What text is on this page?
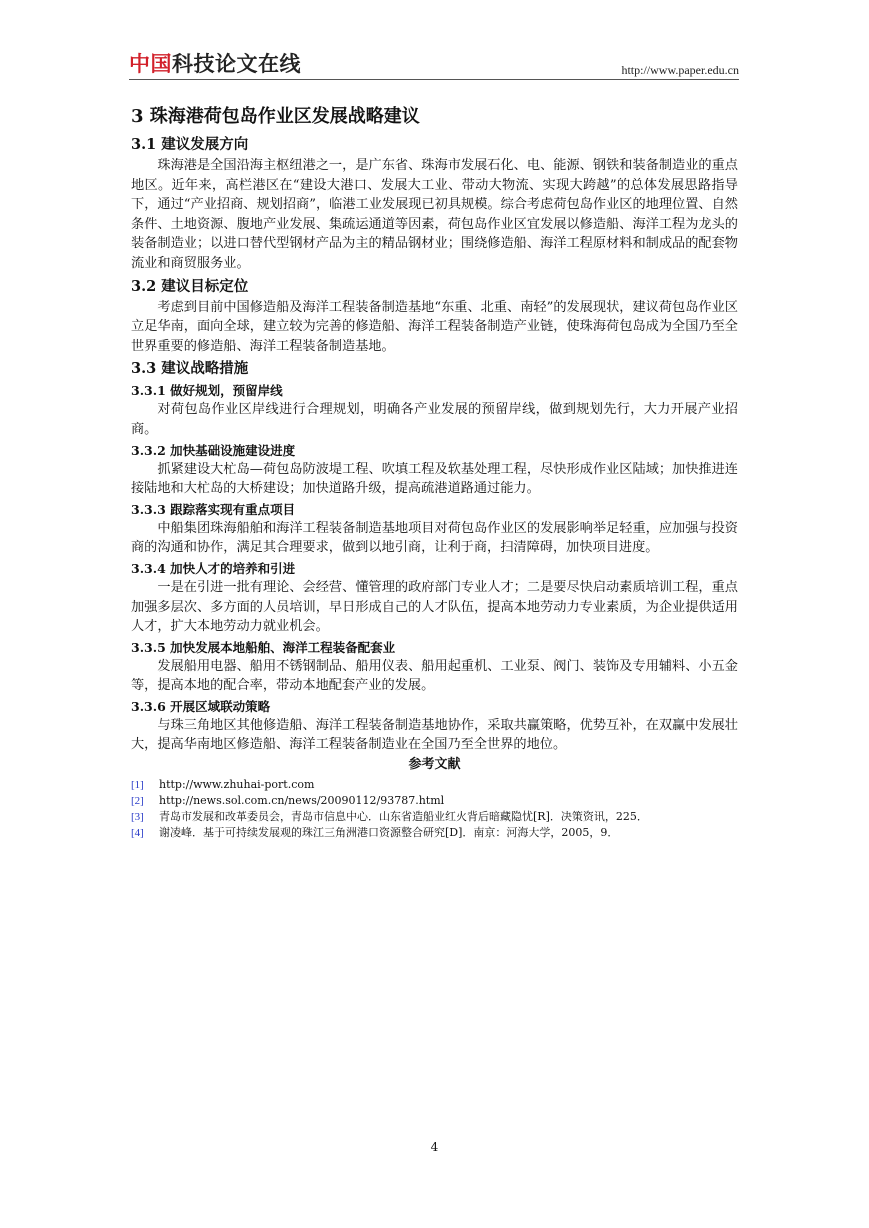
中国科技论文在线	http://www.paper.edu.cn
3 珠海港荷包岛作业区发展战略建议
3.1 建议发展方向

珠海港是全国沿海主枢纽港之一，是广东省、珠海市发展石化、电、能源、钢铁和装备制造业的重点地区。近年来，高栏港区在“建设大港口、发展大工业、带动大物流、实现大跨越”的总体发展思路指导下，通过“产业招商、规划招商”，临港工业发展现已初具规模。综合考虑荷包岛作业区的地理位置、自然条件、土地资源、腹地产业发展、集疏运通道等因素，荷包岛作业区宜发展以修造船、海洋工程为龙头的装备制造业；以进口替代型钢材产品为主的精品钢材业；围绕修造船、海洋工程原材料和制成品的配套物流业和商贸服务业。

3.2 建议目标定位

考虑到目前中国修造船及海洋工程装备制造基地“东重、北重、南轻”的发展现状，建议荷包岛作业区立足华南，面向全球，建立较为完善的修造船、海洋工程装备制造产业链，使珠海荷包岛成为全国乃至全世界重要的修造船、海洋工程装备制造基地。

3.3 建议战略措施
3.3.1 做好规划，预留岸线

对荷包岛作业区岸线进行合理规划，明确各产业发展的预留岸线，做到规划先行，大力开展产业招商。

3.3.2 加快基础设施建设进度

抓紧建设大杧岛—荷包岛防波堤工程、吹填工程及软基处理工程，尽快形成作业区陆域；加快推进连接陆地和大杧岛的大桥建设；加快道路升级，提高疏港道路通过能力。

3.3.3 跟踪落实现有重点项目

中船集团珠海船舶和海洋工程装备制造基地项目对荷包岛作业区的发展影响举足轻重，应加强与投资商的沟通和协作，满足其合理要求，做到以地引商，让利于商，扫清障碍，加快项目进度。

3.3.4 加快人才的培养和引进

一是在引进一批有理论、会经营、懂管理的政府部门专业人才；二是要尽快启动素质培训工程，重点加强多层次、多方面的人员培训，早日形成自己的人才队伍，提高本地劳动力专业素质，为企业提供适用人才，扩大本地劳动力就业机会。

3.3.5 加快发展本地船舶、海洋工程装备配套业

发展船用电器、船用不锈钢制品、船用仪表、船用起重机、工业泵、阀门、装饰及专用辅料、小五金等，提高本地的配合率，带动本地配套产业的发展。

3.3.6 开展区域联动策略

与珠三角地区其他修造船、海洋工程装备制造基地协作，采取共赢策略，优势互补，在双赢中发展壮大，提高华南地区修造船、海洋工程装备制造业在全国乃至全世界的地位。

参考文献
[1]	http://www.zhuhai-port.com
[2]	http://news.sol.com.cn/news/20090112/93787.html
[3]	青岛市发展和改革委员会，青岛市信息中心．山东省造船业红火背后暗藏隐忧[R]．决策资讯，225．
[4]	谢凌峰．基于可持续发展观的珠江三角洲港口资源整合研究[D]．南京：河海大学，2005，9．
4
